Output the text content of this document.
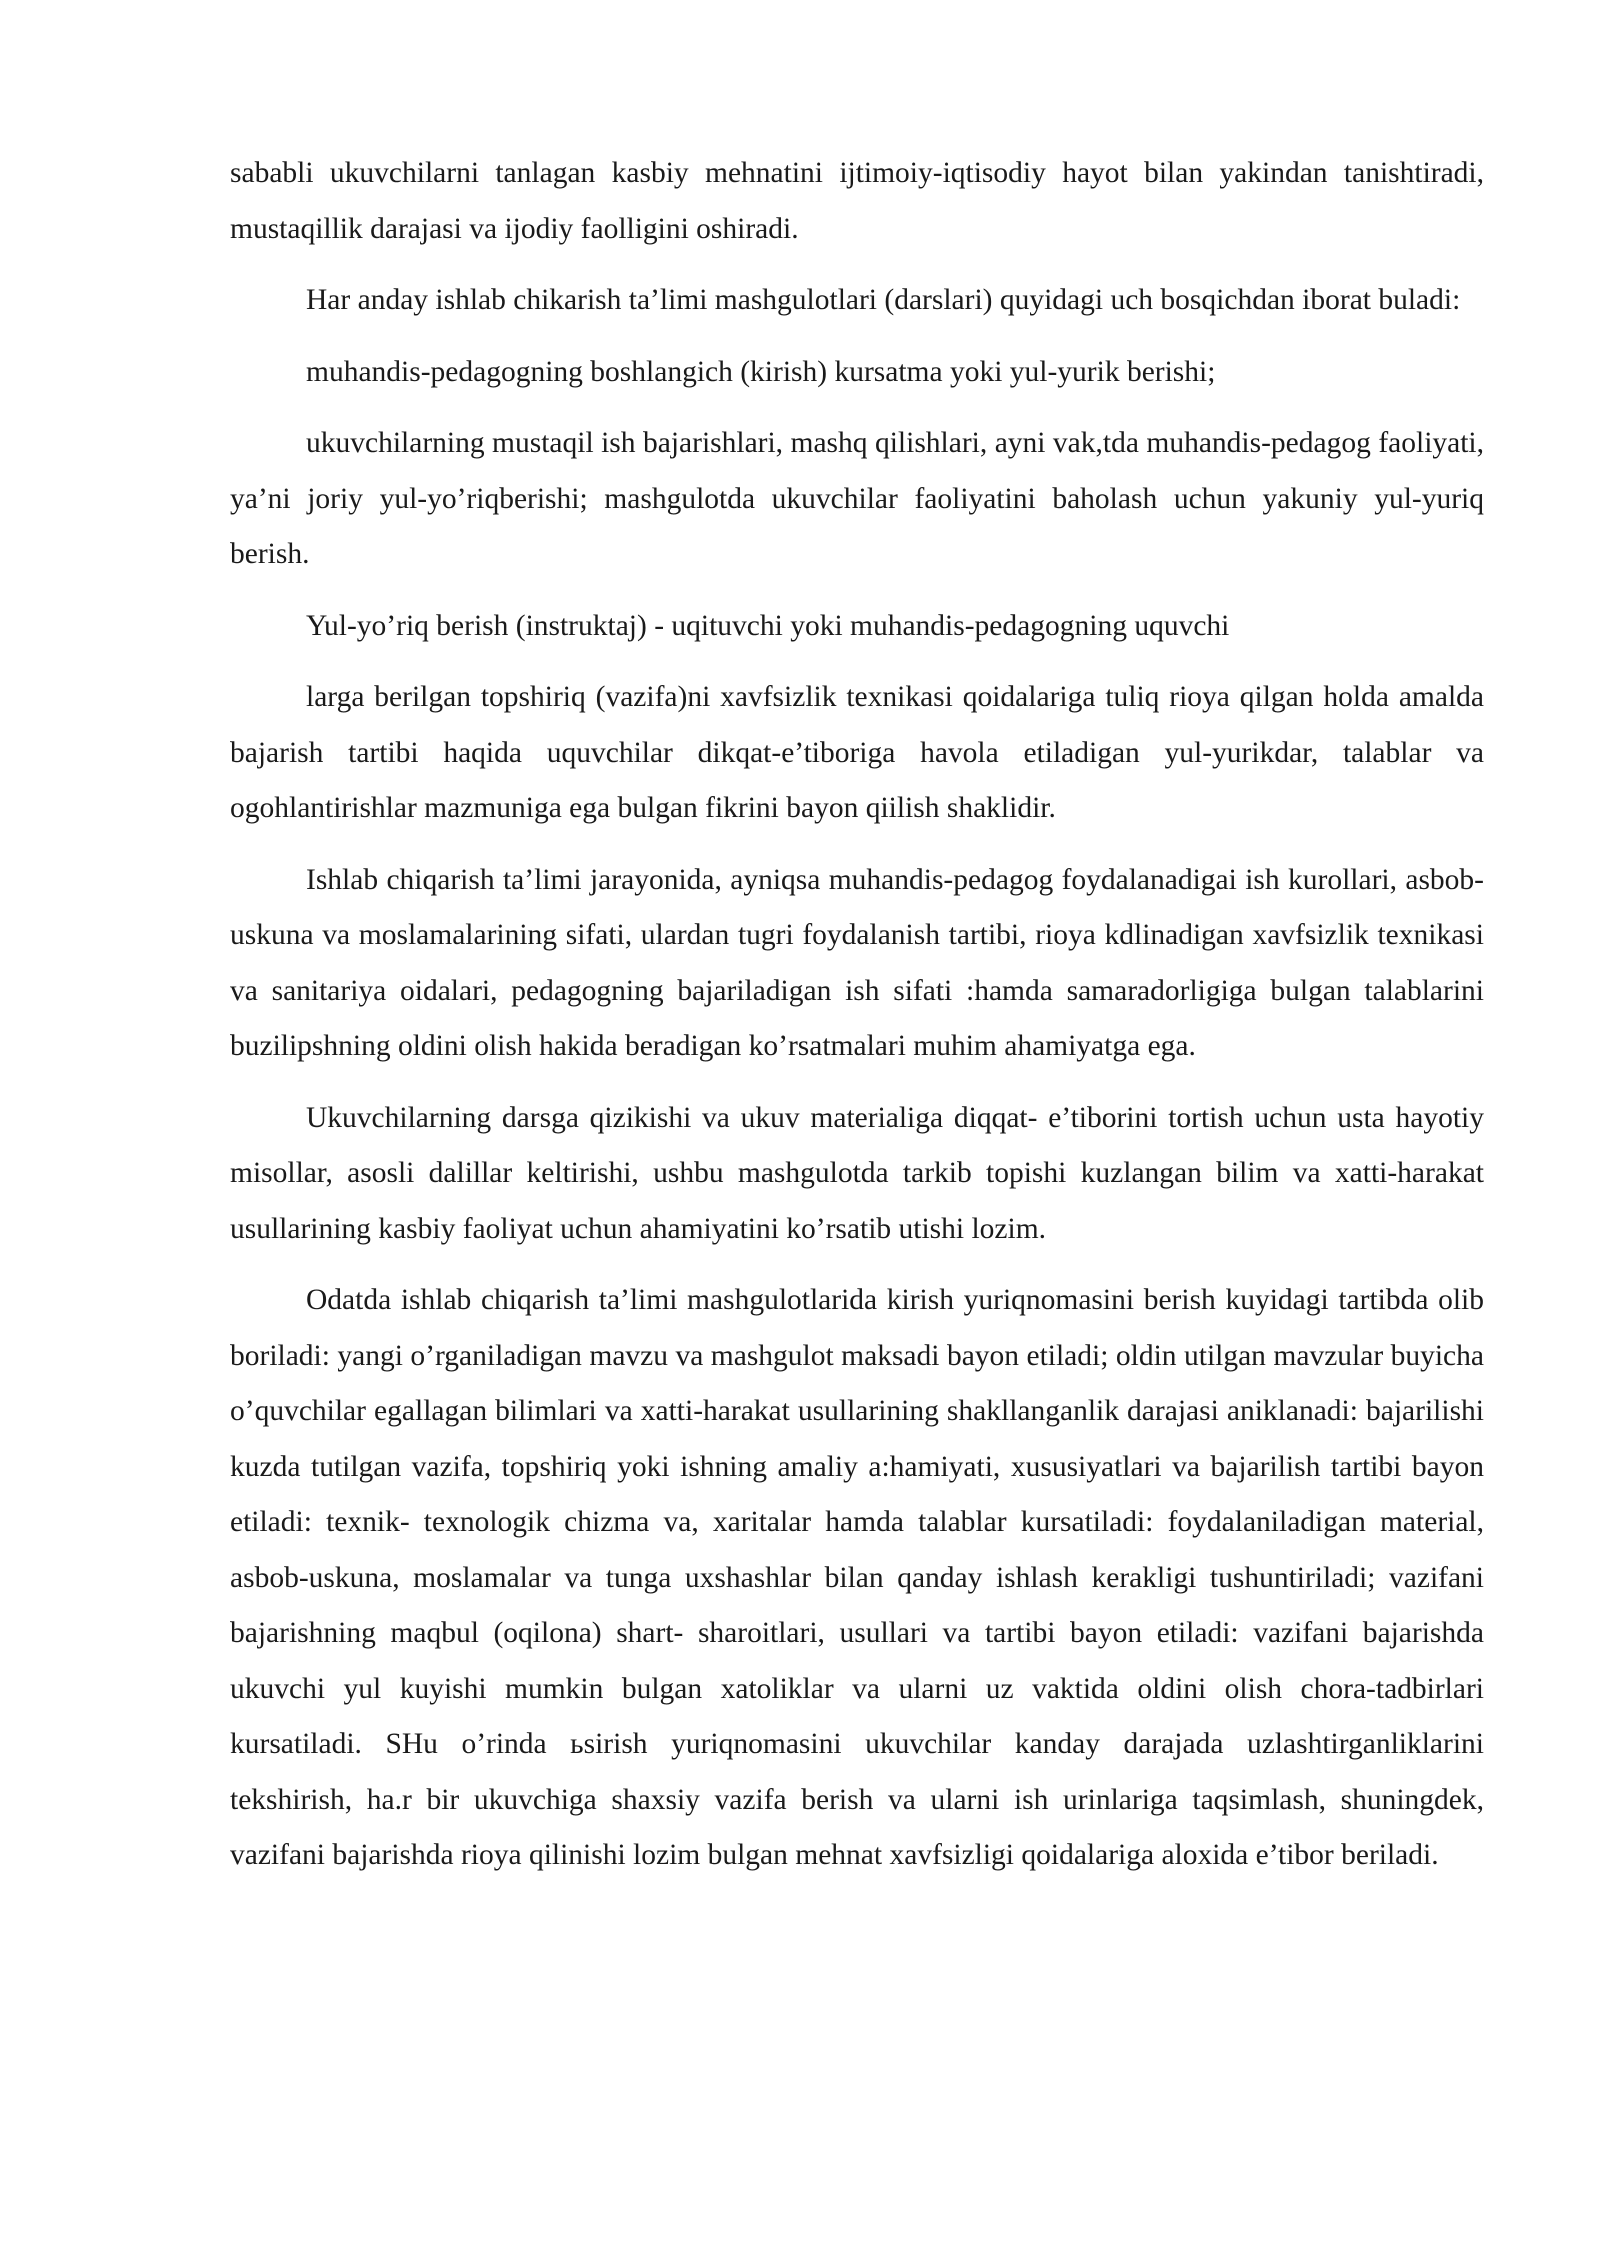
sababli ukuvchilarni tanlagan kasbiy mehnatini ijtimoiy-iqtisodiy hayot bilan yakindan tanishtiradi, mustaqillik darajasi va ijodiy faolligini oshiradi.

Har anday ishlab chikarish ta’limi mashgulotlari (darslari) quyidagi uch bosqichdan iborat buladi:

muhandis-pedagogning boshlangich (kirish) kursatma yoki yul-yurik berishi;

ukuvchilarning mustaqil ish bajarishlari, mashq qilishlari, ayni vak,tda muhandis-pedagog faoliyati, ya’ni joriy yul-yo’riqberishi; mashgulotda ukuvchilar faoliyatini baholash uchun yakuniy yul-yuriq berish.

Yul-yo’riq berish (instruktaj) - uqituvchi yoki muhandis-pedagogning uquvchi

larga berilgan topshiriq (vazifa)ni xavfsizlik texnikasi qoidalariga tuliq rioya qilgan holda amalda bajarish tartibi haqida uquvchilar dikqat-e’tiboriga havola etiladigan yul-yurikdar, talablar va ogohlantirishlar mazmuniga ega bulgan fikrini bayon qiilish shaklidir.

Ishlab chiqarish ta’limi jarayonida, ayniqsa muhandis-pedagog foydalanadigai ish kurollari, asbob-uskuna va moslamalarining sifati, ulardan tugri foydalanish tartibi, rioya kdlinadigan xavfsizlik texnikasi va sanitariya oidalari, pedagogning bajariladigan ish sifati :hamda samaradorligiga bulgan talablarini buzilipshning oldini olish hakida beradigan ko’rsatmalari muhim ahamiyatga ega.

Ukuvchilarning darsga qizikishi va ukuv materialiga diqqat- e’tiborini tortish uchun usta hayotiy misollar, asosli dalillar keltirishi, ushbu mashgulotda tarkib topishi kuzlangan bilim va xatti-harakat usullarining kasbiy faoliyat uchun ahamiyatini ko’rsatib utishi lozim.

Odatda ishlab chiqarish ta’limi mashgulotlarida kirish yuriqnomasini berish kuyidagi tartibda olib boriladi: yangi o’rganiladigan mavzu va mashgulot maksadi bayon etiladi; oldin utilgan mavzular buyicha o’quvchilar egallagan bilimlari va xatti-harakat usullarining shakllanganlik darajasi aniklanadi: bajarilishi kuzda tutilgan vazifa, topshiriq yoki ishning amaliy a:hamiyati, xususiyatlari va bajarilish tartibi bayon etiladi: texnik- texnologik chizma va, xaritalar hamda talablar kursatiladi: foydalaniladigan material, asbob-uskuna, moslamalar va tunga uxshashlar bilan qanday ishlash kerakligi tushuntiriladi; vazifani bajarishning maqbul (oqilona) shart- sharoitlari, usullari va tartibi bayon etiladi: vazifani bajarishda ukuvchi yul kuyishi mumkin bulgan xatoliklar va ularni uz vaktida oldini olish chora-tadbirlari kursatiladi. SHu o’rinda ьsirish yuriqnomasini ukuvchilar kanday darajada uzlashtirganliklarini tekshirish, ha.r bir ukuvchiga shaxsiy vazifa berish va ularni ish urinlariga taqsimlash, shuningdek, vazifani bajarishda rioya qilinishi lozim bulgan mehnat xavfsizligi qoidalariga aloxida e’tibor beriladi.
